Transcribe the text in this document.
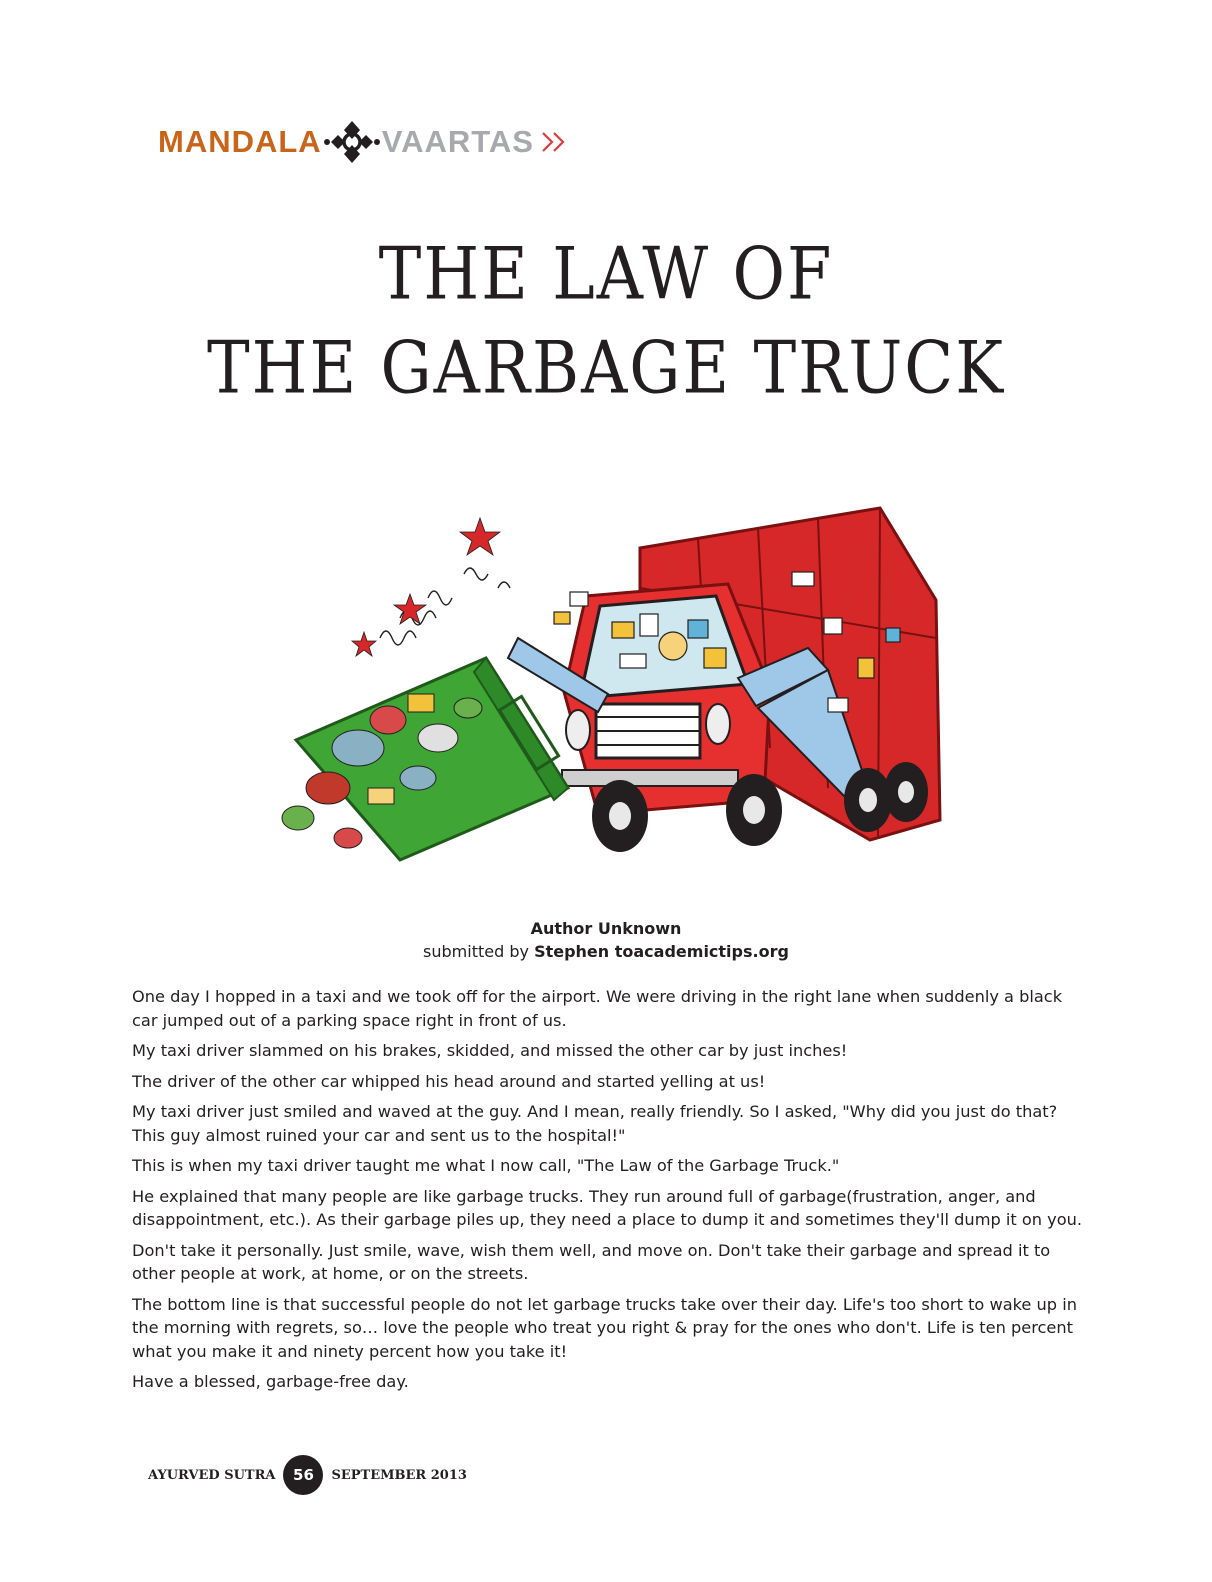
MANDALA VAARTAS
THE LAW OF
THE GARBAGE TRUCK
Author Unknown
submitted by Stephen toacademictips.org

One day I hopped in a taxi and we took off for the airport. We were driving in the right lane when suddenly a black car jumped out of a parking space right in front of us.

My taxi driver slammed on his brakes, skidded, and missed the other car by just inches!

The driver of the other car whipped his head around and started yelling at us!

My taxi driver just smiled and waved at the guy. And I mean, really friendly. So I asked, "Why did you just do that? This guy almost ruined your car and sent us to the hospital!"

This is when my taxi driver taught me what I now call, "The Law of the Garbage Truck."

He explained that many people are like garbage trucks. They run around full of garbage(frustration, anger, and disappointment, etc.). As their garbage piles up, they need a place to dump it and sometimes they'll dump it on you.

Don't take it personally. Just smile, wave, wish them well, and move on. Don't take their garbage and spread it to other people at work, at home, or on the streets.

The bottom line is that successful people do not let garbage trucks take over their day. Life's too short to wake up in the morning with regrets, so… love the people who treat you right & pray for the ones who don't. Life is ten percent what you make it and ninety percent how you take it!

Have a blessed, garbage-free day.

AYURVED SUTRA	56	SEPTEMBER 2013
